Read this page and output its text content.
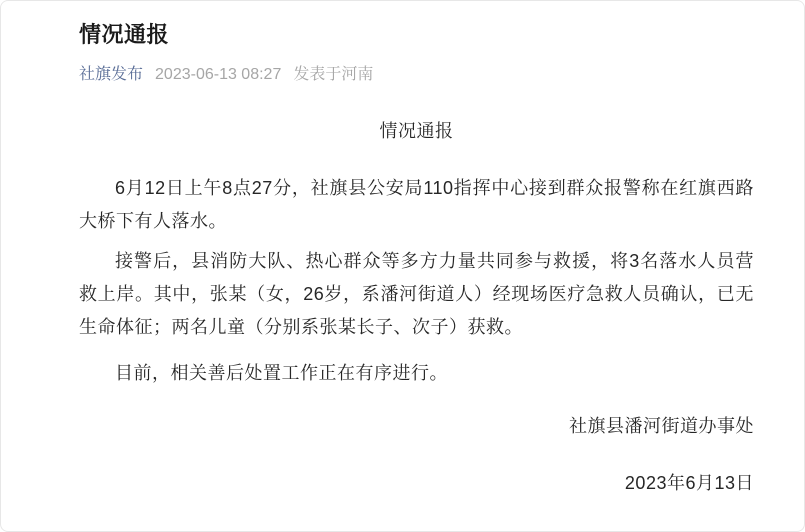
情况通报
社旗发布 2023-06-13 08:27 发表于河南
情况通报

6月12日上午8点27分，社旗县公安局110指挥中心接到群众报警称在红旗西路大桥下有人落水。

接警后，县消防大队、热心群众等多方力量共同参与救援，将3名落水人员营救上岸。其中，张某（女，26岁，系潘河街道人）经现场医疗急救人员确认，已无生命体征；两名儿童（分别系张某长子、次子）获救。

目前，相关善后处置工作正在有序进行。

社旗县潘河街道办事处
2023年6月13日
